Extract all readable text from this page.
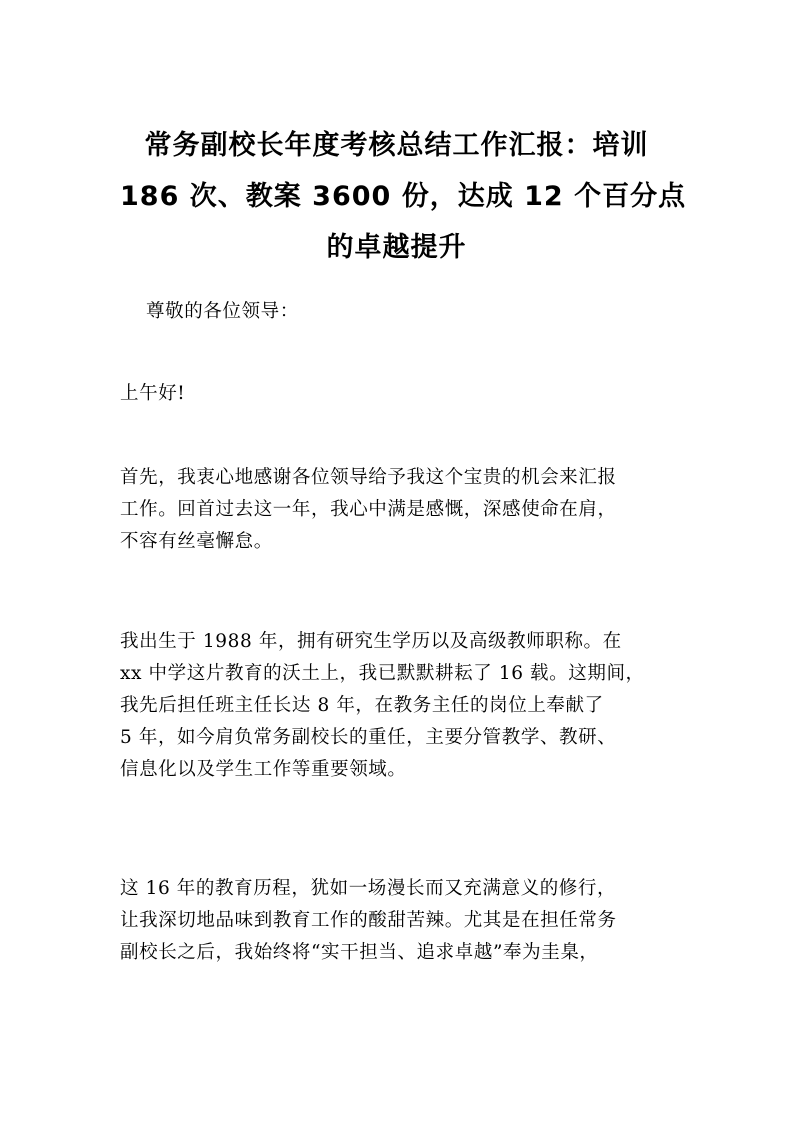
常务副校长年度考核总结工作汇报：培训
186 次、教案 3600 份，达成 12 个百分点
的卓越提升
尊敬的各位领导：
上午好!
首先，我衷心地感谢各位领导给予我这个宝贵的机会来汇报
工作。回首过去这一年，我心中满是感慨，深感使命在肩，
不容有丝毫懈怠。
我出生于 1988 年，拥有研究生学历以及高级教师职称。在
xx 中学这片教育的沃土上，我已默默耕耘了 16 载。这期间，
我先后担任班主任长达 8 年，在教务主任的岗位上奉献了
5 年，如今肩负常务副校长的重任，主要分管教学、教研、
信息化以及学生工作等重要领域。
这 16 年的教育历程，犹如一场漫长而又充满意义的修行，
让我深切地品味到教育工作的酸甜苦辣。尤其是在担任常务
副校长之后，我始终将“实干担当、追求卓越”奉为圭臬，
